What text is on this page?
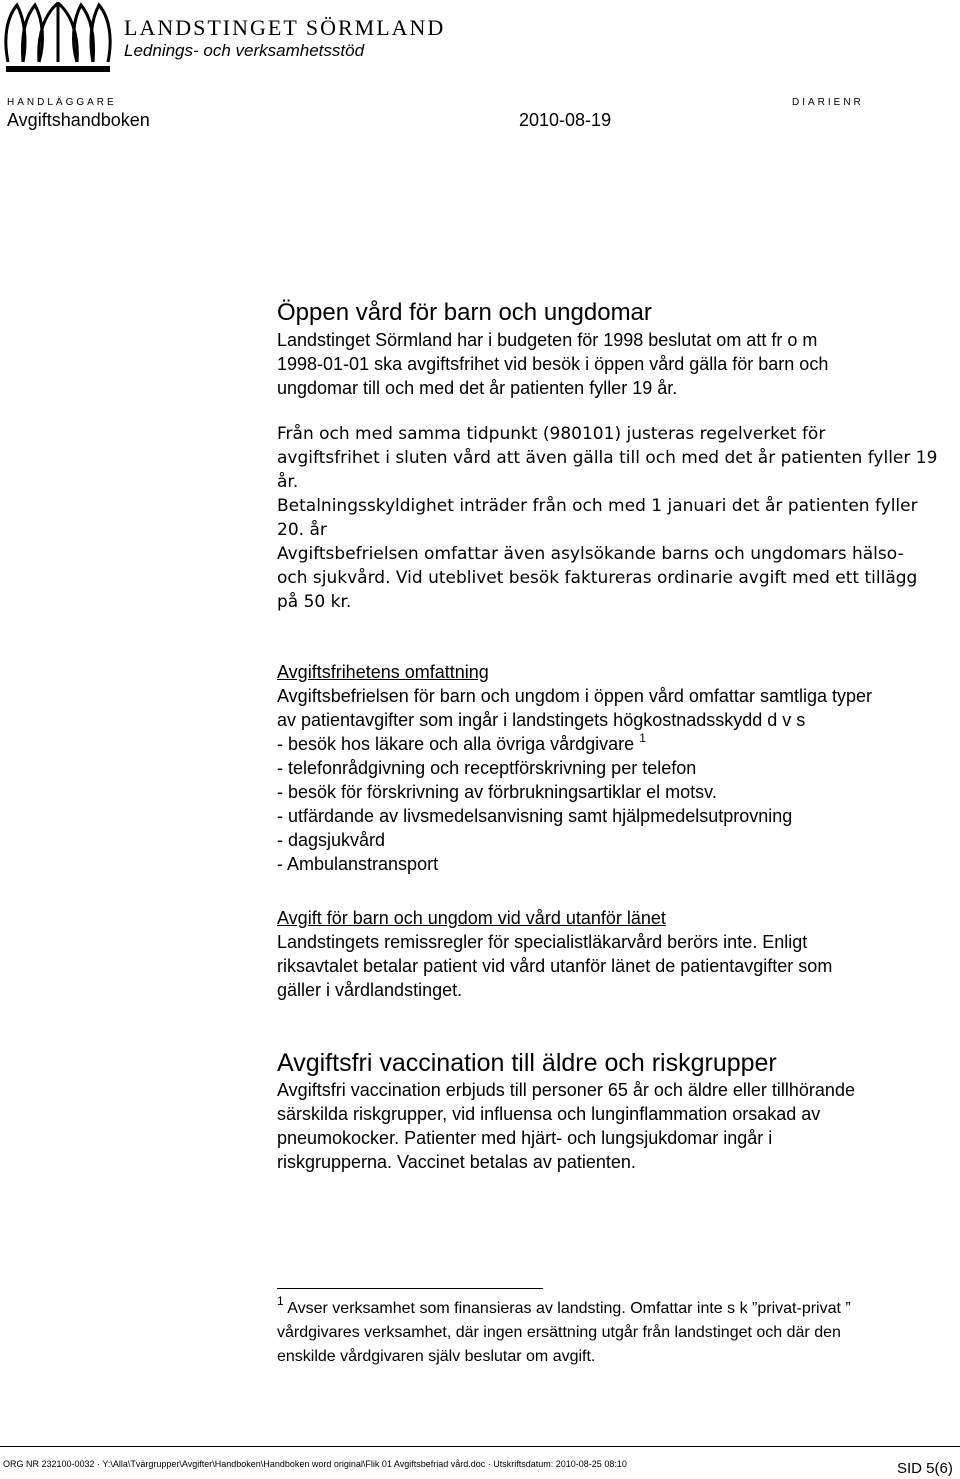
LANDSTINGET SÖRMLAND
Lednings- och verksamhetsstöd
HANDLÄGGARE
Avgiftshandboken	2010-08-19
DIARIENR
Öppen vård för barn och ungdomar
Landstinget Sörmland har i budgeten för 1998 beslutat om att fr o m
1998-01-01 ska avgiftsfrihet vid besök i öppen vård gälla för barn och
ungdomar till och med det år patienten fyller 19 år.
Från och med samma tidpunkt (980101) justeras regelverket för
avgiftsfrihet i sluten vård att även gälla till och med det år patienten fyller 19
år.
Betalningsskyldighet inträder från och med 1 januari det år patienten fyller
20. år
Avgiftsbefrielsen omfattar även asylsökande barns och ungdomars hälso-
och sjukvård. Vid uteblivet besök faktureras ordinarie avgift med ett tillägg
på 50 kr.
Avgiftsfrihetens omfattning
Avgiftsbefrielsen för barn och ungdom i öppen vård omfattar samtliga typer
av patientavgifter som ingår i landstingets högkostnadsskydd d v s
- besök hos läkare och alla övriga vårdgivare $^1$
- telefonrådgivning och receptförskrivning per telefon
- besök för förskrivning av förbrukningsartiklar el motsv.
- utfärdande av livsmedelsanvisning samt hjälpmedelsutprovning
- dagsjukvård
- Ambulanstransport
Avgift för barn och ungdom vid vård utanför länet
Landstingets remissregler för specialistläkarvård berörs inte. Enligt
riksavtalet betalar patient vid vård utanför länet de patientavgifter som
gäller i vårdlandstinget.
Avgiftsfri vaccination till äldre och riskgrupper
Avgiftsfri vaccination erbjuds till personer 65 år och äldre eller tillhörande
särskilda riskgrupper, vid influensa och lunginflammation orsakad av
pneumokocker. Patienter med hjärt- och lungsjukdomar ingår i
riskgrupperna. Vaccinet betalas av patienten.
$^1$ Avser verksamhet som finansieras av landsting. Omfattar inte s k ”privat-privat ”
vårdgivares verksamhet, där ingen ersättning utgår från landstinget och där den
enskilde vårdgivaren själv beslutar om avgift.
ORG NR 232100-0032 · Y:\Alla\Tvärgrupper\Avgifter\Handboken\Handboken word original\Flik 01 Avgiftsbefriad vård.doc · Utskriftsdatum: 2010-08-25 08:10	SID 5(6)
